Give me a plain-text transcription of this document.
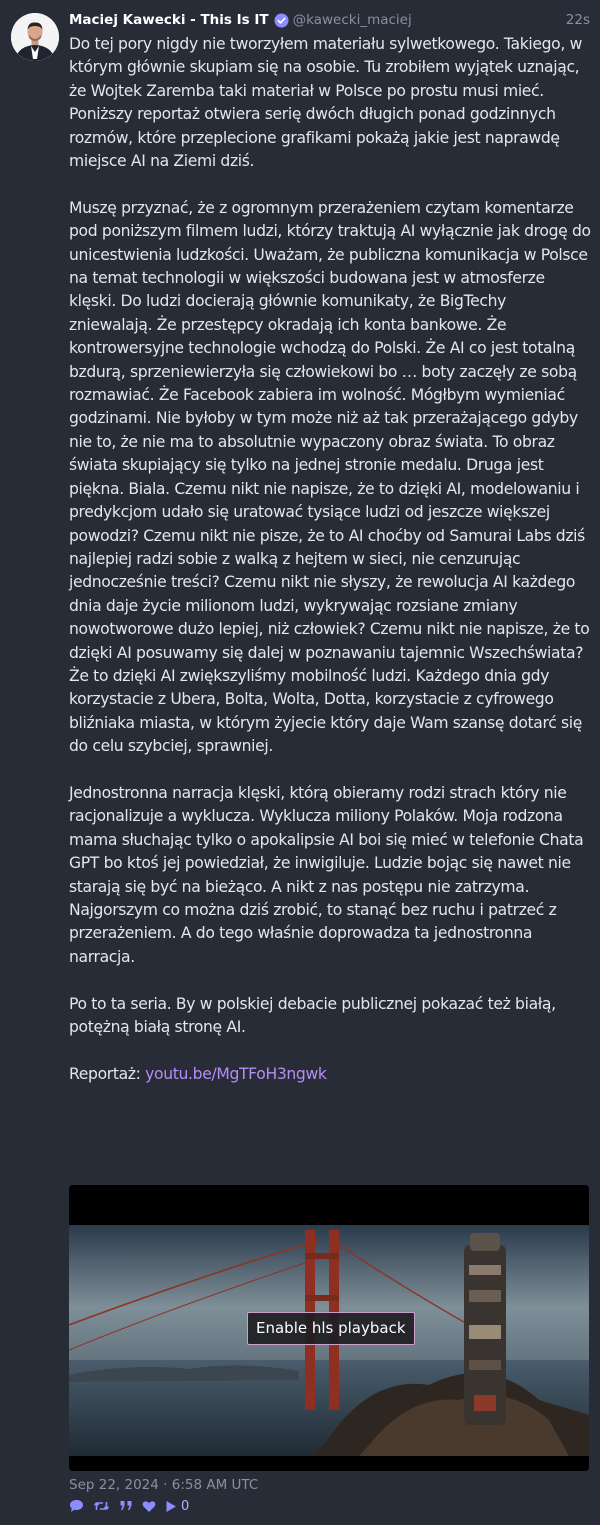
Maciej Kawecki - This Is IT @kawecki_maciej	22s

Do tej pory nigdy nie tworzyłem materiału sylwetkowego. Takiego, w którym głównie skupiam się na osobie. Tu zrobiłem wyjątek uznając, że Wojtek Zaremba taki materiał w Polsce po prostu musi mieć. Poniższy reportaż otwiera serię dwóch długich ponad godzinnych rozmów, które przeplecione grafikami pokażą jakie jest naprawdę miejsce AI na Ziemi dziś.

Muszę przyznać, że z ogromnym przerażeniem czytam komentarze pod poniższym filmem ludzi, którzy traktują AI wyłącznie jak drogę do unicestwienia ludzkości. Uważam, że publiczna komunikacja w Polsce na temat technologii w większości budowana jest w atmosferze klęski. Do ludzi docierają głównie komunikaty, że BigTechy zniewalają. Że przestępcy okradają ich konta bankowe. Że kontrowersyjne technologie wchodzą do Polski. Że AI co jest totalną bzdurą, sprzeniewierzyła się człowiekowi bo … boty zaczęły ze sobą rozmawiać. Że Facebook zabiera im wolność. Mógłbym wymieniać godzinami. Nie byłoby w tym może niż aż tak przerażającego gdyby nie to, że nie ma to absolutnie wypaczony obraz świata. To obraz świata skupiający się tylko na jednej stronie medalu. Druga jest piękna. Biala. Czemu nikt nie napisze, że to dzięki AI, modelowaniu i predykcjom udało się uratować tysiące ludzi od jeszcze większej powodzi? Czemu nikt nie pisze, że to AI choćby od Samurai Labs dziś najlepiej radzi sobie z walką z hejtem w sieci, nie cenzurując jednocześnie treści? Czemu nikt nie słyszy, że rewolucja AI każdego dnia daje życie milionom ludzi, wykrywając rozsiane zmiany nowotworowe dużo lepiej, niż człowiek? Czemu nikt nie napisze, że to dzięki AI posuwamy się dalej w poznawaniu tajemnic Wszechświata? Że to dzięki AI zwiększyliśmy mobilność ludzi. Każdego dnia gdy korzystacie z Ubera, Bolta, Wolta, Dotta, korzystacie z cyfrowego bliźniaka miasta, w którym żyjecie który daje Wam szansę dotarć się do celu szybciej, sprawniej.

Jednostronna narracja klęski, którą obieramy rodzi strach który nie racjonalizuje a wyklucza. Wyklucza miliony Polaków. Moja rodzona mama słuchając tylko o apokalipsie AI boi się mieć w telefonie Chata GPT bo ktoś jej powiedział, że inwigiluje. Ludzie bojąc się nawet nie starają się być na bieżąco. A nikt z nas postępu nie zatrzyma. Najgorszym co można dziś zrobić, to stanąć bez ruchu i patrzeć z przerażeniem. A do tego właśnie doprowadza ta jednostronna narracja.

Po to ta seria. By w polskiej debacie publicznej pokazać też białą, potężną białą stronę AI.

Reportaż: youtu.be/MgTFoH3ngwk

Enable hls playback
Sep 22, 2024 · 6:58 AM UTC
0
